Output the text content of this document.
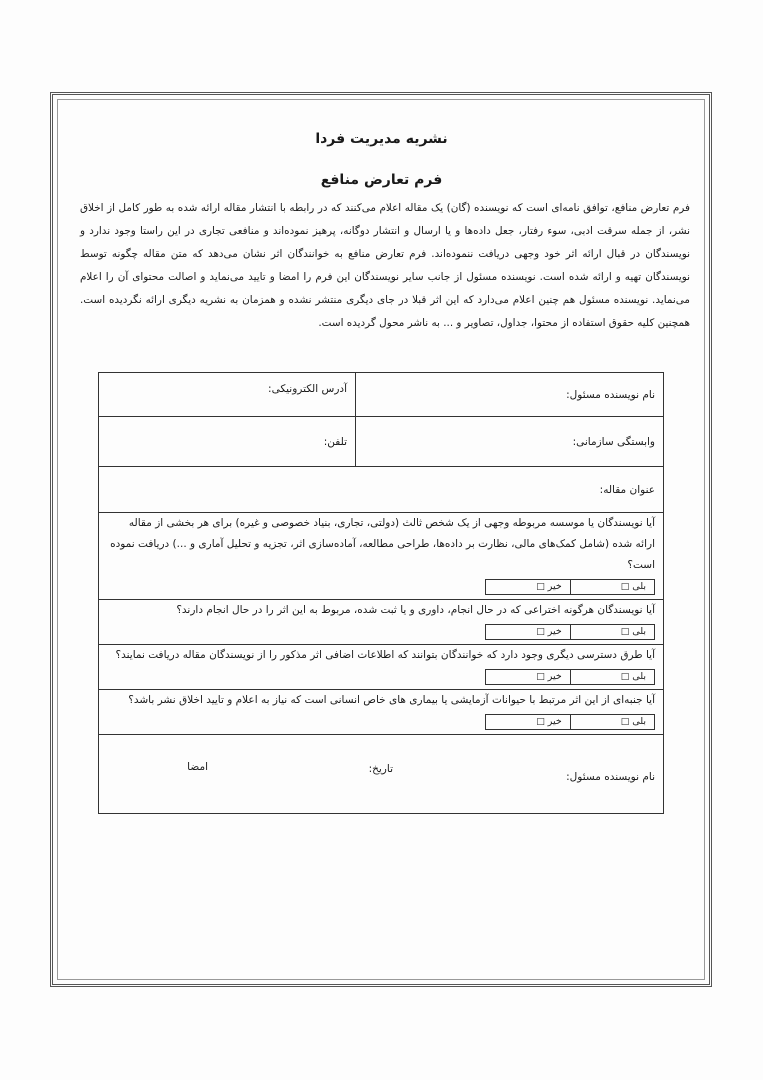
نشریه مدیریت فردا
فرم تعارض منافع
فرم تعارض منافع، توافق نامه‌ای است که نویسنده (گان) یک مقاله اعلام می‌کنند که در رابطه با انتشار مقاله ارائه شده به طور کامل از اخلاق نشر، از جمله سرقت ادبی، سوء رفتار، جعل داده‌ها و یا ارسال و انتشار دوگانه، پرهیز نموده‌اند و منافعی تجاری در این راستا وجود ندارد و نویسندگان در قبال ارائه اثر خود وجهی دریافت ننموده‌اند. فرم تعارض منافع به خوانندگان اثر نشان می‌دهد که متن مقاله چگونه توسط نویسندگان تهیه و ارائه شده است. نویسنده مسئول از جانب سایر نویسندگان این فرم را امضا و تایید می‌نماید و اصالت محتوای آن را اعلام می‌نماید. نویسنده مسئول هم چنین اعلام می‌دارد که این اثر قبلا در جای دیگری منتشر نشده و همزمان به نشریه دیگری ارائه نگردیده است. همچنین کلیه حقوق استفاده از محتوا، جداول، تصاویر و ... به ناشر محول گردیده است.
نام نویسنده مسئول:

آدرس الکترونیکی:

وابستگی سازمانی:

تلفن:

عنوان مقاله:

آیا نویسندگان یا موسسه مربوطه وجهی از یک شخص ثالث (دولتی، تجاری، بنیاد خصوصی و غیره) برای هر بخشی از مقاله ارائه شده (شامل کمک‌های مالی، نظارت بر داده‌ها، طراحی مطالعه، آماده‌سازی اثر، تجزیه و تحلیل آماری و ...) دریافت نموده است؟
بلی□	خیر□

آیا نویسندگان هرگونه اختراعی که در حال انجام، داوری و یا ثبت شده، مربوط به این اثر را در حال انجام دارند؟
بلی□	خیر□

آیا طرق دسترسی دیگری وجود دارد که خوانندگان بتوانند که اطلاعات اضافی اثر مذکور را از نویسندگان مقاله دریافت نمایند؟
بلی□	خیر□

آیا جنبه‌ای از این اثر مرتبط با حیوانات آزمایشی یا بیماری های خاص انسانی است که نیاز به اعلام و تایید اخلاق نشر باشد؟
بلی□	خیر□

نام نویسنده مسئول:
تاریخ:
امضا
